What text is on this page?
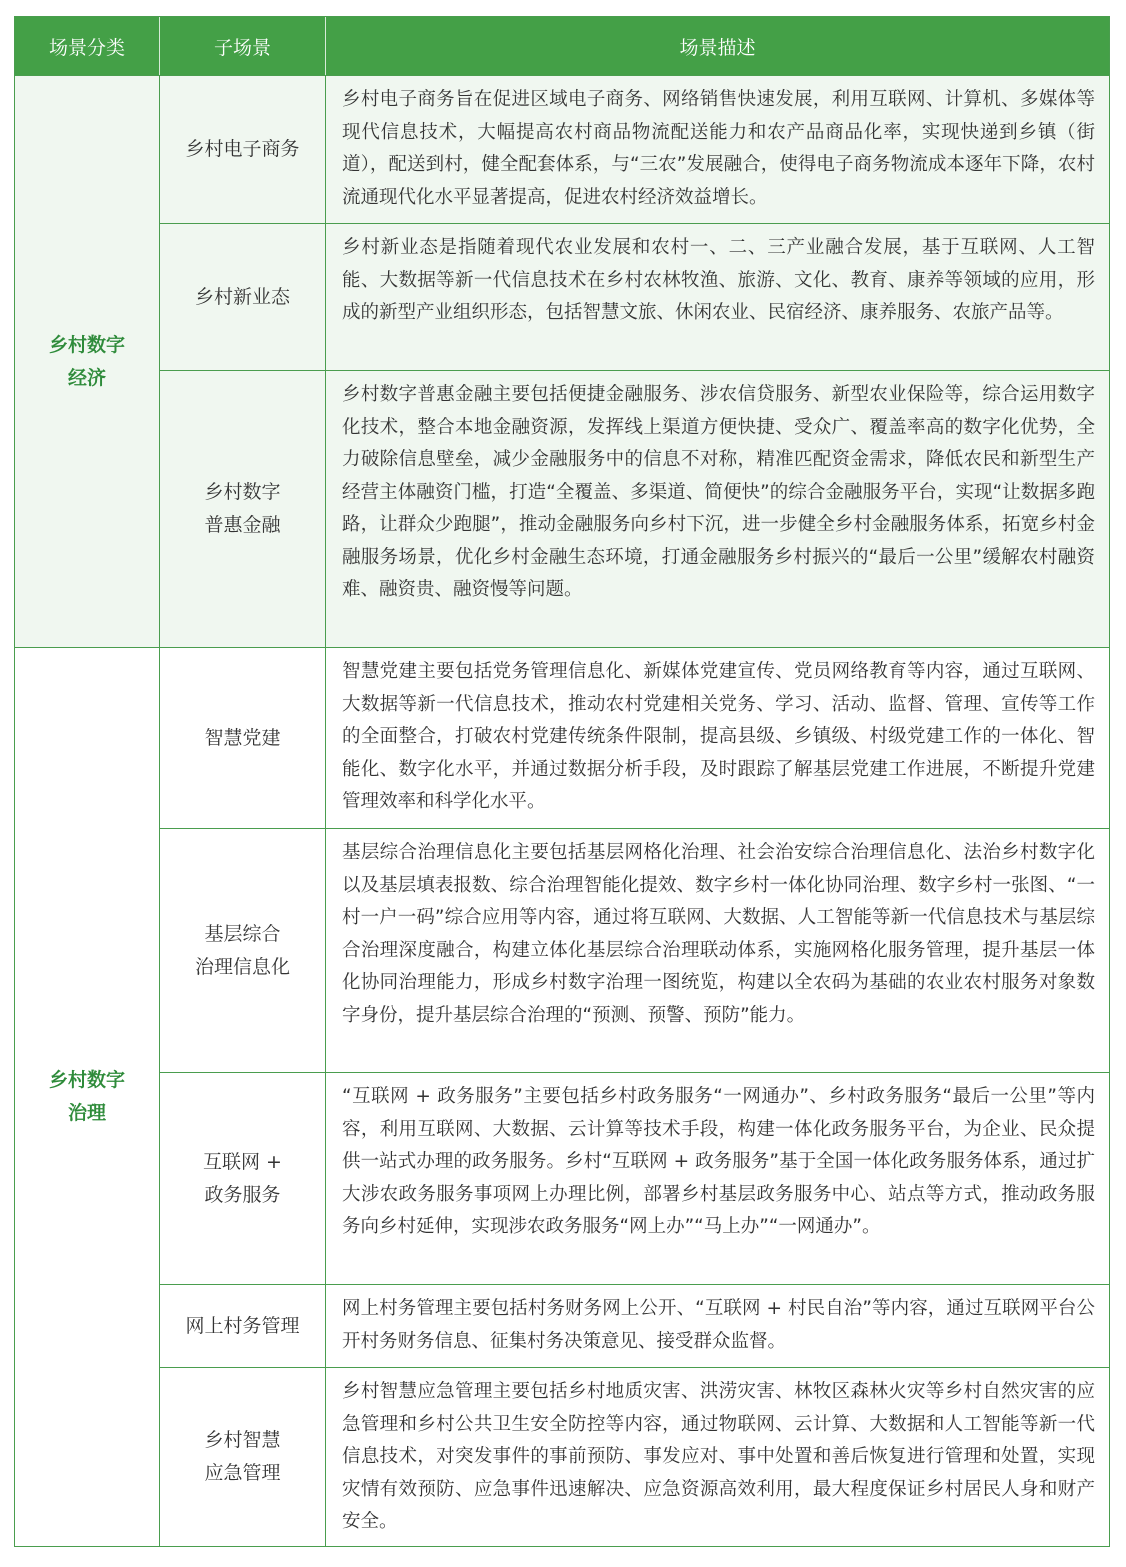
场景分类	子场景	场景描述
乡村数字
经济
乡村电子商务
乡村电子商务旨在促进区域电子商务、网络销售快速发展，利用互联网、计算机、多媒体等现代信息技术，大幅提高农村商品物流配送能力和农产品商品化率，实现快递到乡镇（街道），配送到村，健全配套体系，与“三农”发展融合，使得电子商务物流成本逐年下降，农村流通现代化水平显著提高，促进农村经济效益增长。
乡村新业态
乡村新业态是指随着现代农业发展和农村一、二、三产业融合发展，基于互联网、人工智能、大数据等新一代信息技术在乡村农林牧渔、旅游、文化、教育、康养等领域的应用，形成的新型产业组织形态，包括智慧文旅、休闲农业、民宿经济、康养服务、农旅产品等。
乡村数字
普惠金融
乡村数字普惠金融主要包括便捷金融服务、涉农信贷服务、新型农业保险等，综合运用数字化技术，整合本地金融资源，发挥线上渠道方便快捷、受众广、覆盖率高的数字化优势，全力破除信息壁垒，减少金融服务中的信息不对称，精准匹配资金需求，降低农民和新型生产经营主体融资门槛，打造“全覆盖、多渠道、简便快”的综合金融服务平台，实现“让数据多跑路，让群众少跑腿”，推动金融服务向乡村下沉，进一步健全乡村金融服务体系，拓宽乡村金融服务场景，优化乡村金融生态环境，打通金融服务乡村振兴的“最后一公里”缓解农村融资难、融资贵、融资慢等问题。
乡村数字
治理
智慧党建
智慧党建主要包括党务管理信息化、新媒体党建宣传、党员网络教育等内容，通过互联网、大数据等新一代信息技术，推动农村党建相关党务、学习、活动、监督、管理、宣传等工作的全面整合，打破农村党建传统条件限制，提高县级、乡镇级、村级党建工作的一体化、智能化、数字化水平，并通过数据分析手段，及时跟踪了解基层党建工作进展，不断提升党建管理效率和科学化水平。
基层综合
治理信息化
基层综合治理信息化主要包括基层网格化治理、社会治安综合治理信息化、法治乡村数字化以及基层填表报数、综合治理智能化提效、数字乡村一体化协同治理、数字乡村一张图、“一村一户一码”综合应用等内容，通过将互联网、大数据、人工智能等新一代信息技术与基层综合治理深度融合，构建立体化基层综合治理联动体系，实施网格化服务管理，提升基层一体化协同治理能力，形成乡村数字治理一图统览，构建以全农码为基础的农业农村服务对象数字身份，提升基层综合治理的“预测、预警、预防”能力。
互联网 +
政务服务
“互联网 + 政务服务”主要包括乡村政务服务“一网通办”、乡村政务服务“最后一公里”等内容，利用互联网、大数据、云计算等技术手段，构建一体化政务服务平台，为企业、民众提供一站式办理的政务服务。乡村“互联网 + 政务服务”基于全国一体化政务服务体系，通过扩大涉农政务服务事项网上办理比例，部署乡村基层政务服务中心、站点等方式，推动政务服务向乡村延伸，实现涉农政务服务“网上办”“马上办”“一网通办”。
网上村务管理
网上村务管理主要包括村务财务网上公开、“互联网 + 村民自治”等内容，通过互联网平台公开村务财务信息、征集村务决策意见、接受群众监督。
乡村智慧
应急管理
乡村智慧应急管理主要包括乡村地质灾害、洪涝灾害、林牧区森林火灾等乡村自然灾害的应急管理和乡村公共卫生安全防控等内容，通过物联网、云计算、大数据和人工智能等新一代信息技术，对突发事件的事前预防、事发应对、事中处置和善后恢复进行管理和处置，实现灾情有效预防、应急事件迅速解决、应急资源高效利用，最大程度保证乡村居民人身和财产安全。
